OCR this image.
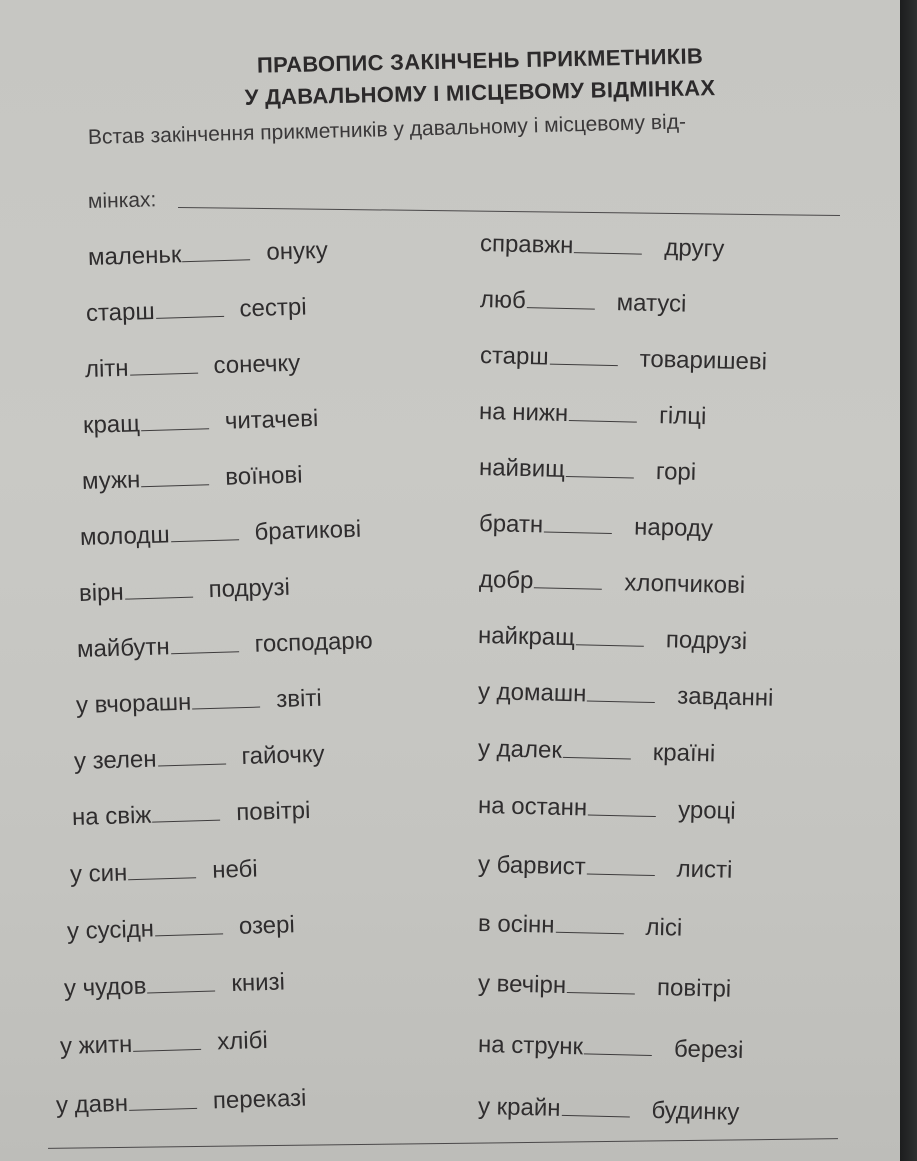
ПРАВОПИС ЗАКІНЧЕНЬ ПРИКМЕТНИКІВ
У ДАВАЛЬНОМУ І МІСЦЕВОМУ ВІДМІНКАХ
Встав закінчення прикметників у давальному і місцевому від-
мінках:
маленьк	онуку
старш	сестрі
літн	сонечку
кращ	читачеві
мужн	воїнові
молодш	братикові
вірн	подрузі
майбутн	господарю
у вчорашн	звіті
у зелен	гайочку
на свіж	повітрі
у син	небі
у сусідн	озері
у чудов	книзі
у житн	хлібі
у давн	переказі
справжн	другу
люб	матусі
старш	товаришеві
на нижн	гілці
найвищ	горі
братн	народу
добр	хлопчикові
найкращ	подрузі
у домашн	завданні
у далек	країні
на останн	уроці
у барвист	листі
в осінн	лісі
у вечірн	повітрі
на струнк	березі
у крайн	будинку
